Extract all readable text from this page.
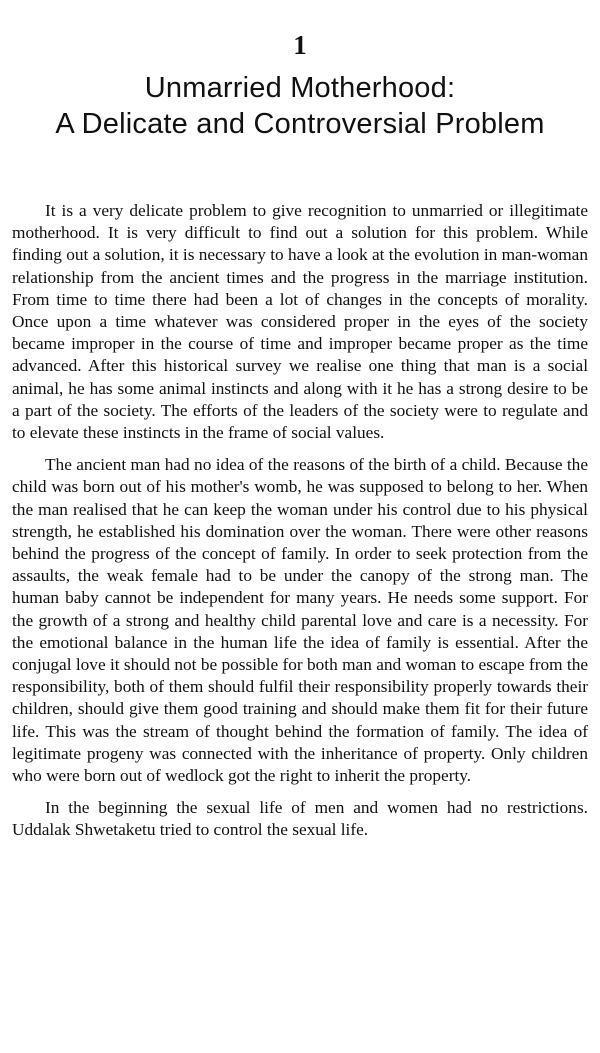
1
Unmarried Motherhood:
A Delicate and Controversial Problem

It is a very delicate problem to give recognition to unmarried or illegitimate motherhood. It is very difficult to find out a solution for this problem. While finding out a solution, it is necessary to have a look at the evolution in man-woman relationship from the ancient times and the progress in the marriage institution. From time to time there had been a lot of changes in the concepts of morality. Once upon a time whatever was considered proper in the eyes of the society became improper in the course of time and improper became proper as the time advanced. After this historical survey we realise one thing that man is a social animal, he has some animal instincts and along with it he has a strong desire to be a part of the society. The efforts of the leaders of the society were to regulate and to elevate these instincts in the frame of social values.

The ancient man had no idea of the reasons of the birth of a child. Because the child was born out of his mother's womb, he was supposed to belong to her. When the man realised that he can keep the woman under his control due to his physical strength, he established his domination over the woman. There were other reasons behind the progress of the concept of family. In order to seek protection from the assaults, the weak female had to be under the canopy of the strong man. The human baby cannot be independent for many years. He needs some support. For the growth of a strong and healthy child parental love and care is a necessity. For the emotional balance in the human life the idea of family is essential. After the conjugal love it should not be possible for both man and woman to escape from the responsibility, both of them should fulfil their responsibility properly towards their children, should give them good training and should make them fit for their future life. This was the stream of thought behind the formation of family. The idea of legitimate progeny was connected with the inheritance of property. Only children who were born out of wedlock got the right to inherit the property.

In the beginning the sexual life of men and women had no restrictions. Uddalak Shwetaketu tried to control the sexual life.
